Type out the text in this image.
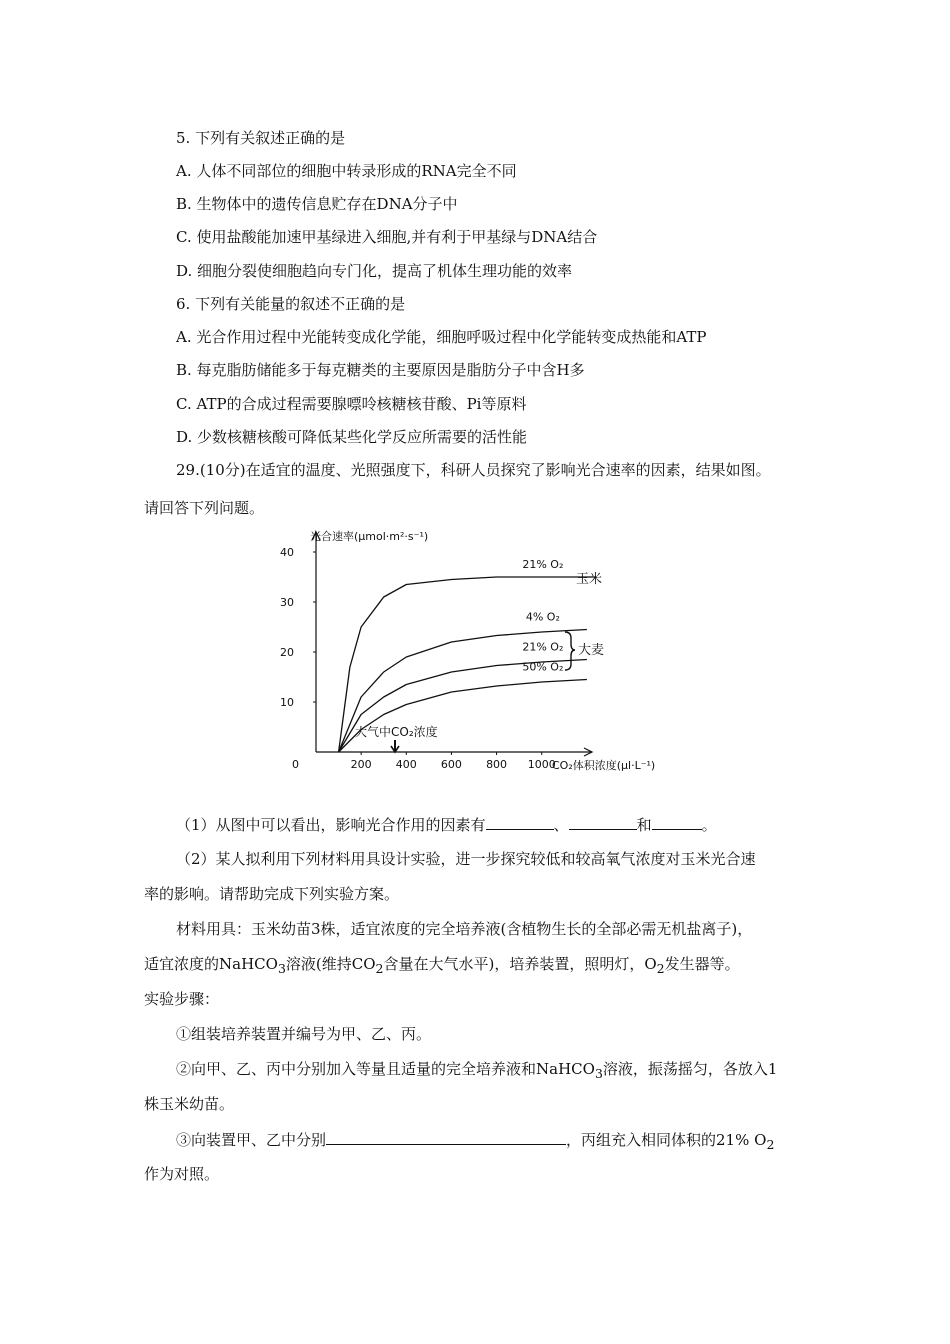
5. 下列有关叙述正确的是
A. 人体不同部位的细胞中转录形成的RNA完全不同
B. 生物体中的遗传信息贮存在DNA分子中
C. 使用盐酸能加速甲基绿进入细胞,并有利于甲基绿与DNA结合
D. 细胞分裂使细胞趋向专门化，提高了机体生理功能的效率
6. 下列有关能量的叙述不正确的是
A. 光合作用过程中光能转变成化学能，细胞呼吸过程中化学能转变成热能和ATP
B. 每克脂肪储能多于每克糖类的主要原因是脂肪分子中含H多
C. ATP的合成过程需要腺嘌呤核糖核苷酸、Pi等原料
D. 少数核糖核酸可降低某些化学反应所需要的活性能
29.(10分)在适宜的温度、光照强度下，科研人员探究了影响光合速率的因素，结果如图。
请回答下列问题。
光合速率(μmol·m²·s⁻¹)
CO₂体积浓度(μl·L⁻¹)
0	200 400 600 800 1000
10
20
30
40
21% O₂
4% O₂
21% O₂
50% O₂
大气中CO₂浓度
玉米
大麦
（1）从图中可以看出，影响光合作用的因素有	、	和	。
（2）某人拟利用下列材料用具设计实验，进一步探究较低和较高氧气浓度对玉米光合速
率的影响。请帮助完成下列实验方案。
材料用具：玉米幼苗3株，适宜浓度的完全培养液(含植物生长的全部必需无机盐离子)，
适宜浓度的NaHCO$_3$溶液(维持$CO_2$含量在大气水平)，培养装置，照明灯，$O_2$发生器等。
实验步骤：
①组装培养装置并编号为甲、乙、丙。
②向甲、乙、丙中分别加入等量且适量的完全培养液和NaHCO$_3$溶液，振荡摇匀，各放入1
株玉米幼苗。
③向装置甲、乙中分别	，丙组充入相同体积的21% $O_2$
作为对照。
